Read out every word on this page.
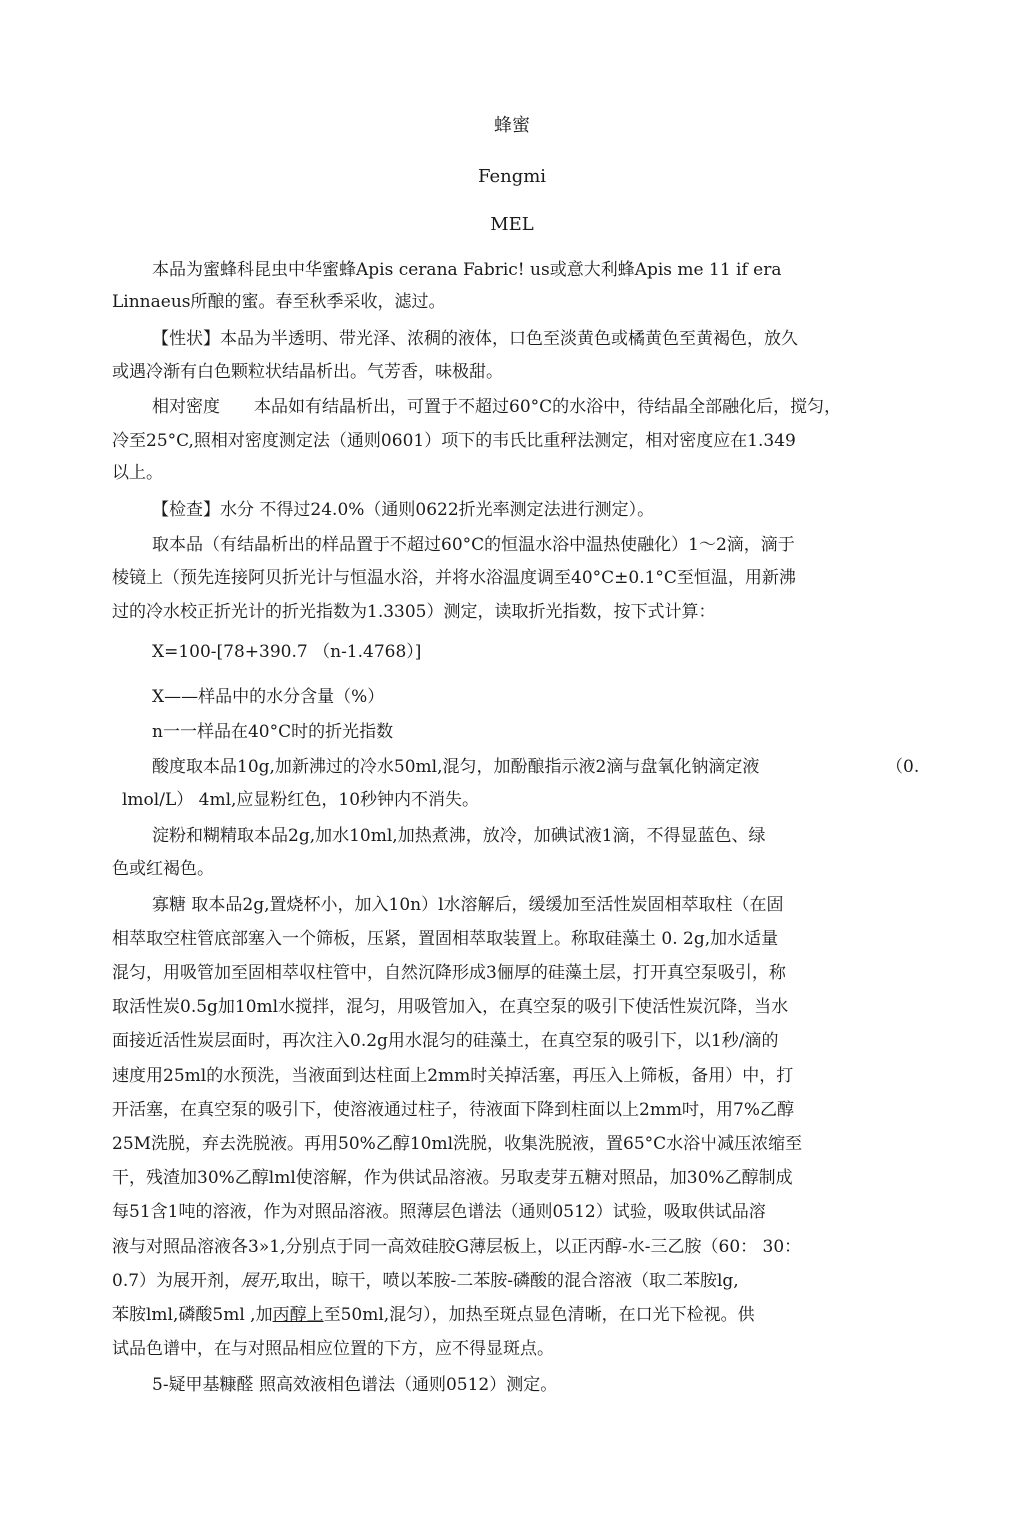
蜂蜜
Fengmi
MEL
本品为蜜蜂科昆虫中华蜜蜂Apis cerana Fabric! us或意大利蜂Apis me 11 if era
Linnaeus所酿的蜜。春至秋季采收，滤过。
【性状】本品为半透明、带光泽、浓稠的液体，口色至淡黄色或橘黄色至黄褐色，放久
或遇冷渐有白色颗粒状结晶析出。气芳香，味极甜。
相对密度　　本品如有结晶析出，可置于不超过60°C的水浴中，待结晶全部融化后，搅匀，
冷至25°C,照相对密度测定法（通则0601）项下的韦氏比重秤法测定，相对密度应在1.349
以上。
【检查】水分 不得过24.0%（通则0622折光率测定法进行测定）。
取本品（有结晶析出的样品置于不超过60°C的恒温水浴中温热使融化）1〜2滴，滴于
棱镜上（预先连接阿贝折光计与恒温水浴，并将水浴温度调至40°C±0.1°C至恒温，用新沸
过的冷水校正折光计的折光指数为1.3305）测定，读取折光指数，按下式计算：
X=100-[78+390.7 （n-1.4768）]
X——样品中的水分含量（%）
n一一样品在40°C时的折光指数
酸度取本品10g,加新沸过的冷水50ml,混匀，加酚酿指示液2滴与盘氧化钠滴定液	（0.
lmol/L） 4ml,应显粉红色，10秒钟内不消失。
淀粉和糊精取本品2g,加水10ml,加热煮沸，放冷，加碘试液1滴，不得显蓝色、绿
色或红褐色。
寡糖 取本品2g,置烧杯小，加入10n）l水溶解后，缓缓加至活性炭固相萃取柱（在固
相萃取空柱管底部塞入一个筛板，压紧，置固相萃取装置上。称取硅藻土 0. 2g,加水适量
混匀，用吸管加至固相萃収柱管中，自然沉降形成3俪厚的硅藻土层，打开真空泵吸引，称
取活性炭0.5g加10ml水搅拌，混匀，用吸管加入，在真空泵的吸引下使活性炭沉降，当水
面接近活性炭层面时，再次注入0.2g用水混匀的硅藻土，在真空泵的吸引下，以1秒/滴的
速度用25ml的水预洗，当液面到达柱面上2mm时关掉活塞，再压入上筛板，备用）中，打
开活塞，在真空泵的吸引下，使溶液通过柱子，待液面下降到柱面以上2mm吋，用7%乙醇
25M洗脱，弃去洗脱液。再用50%乙醇10ml洗脱，收集洗脱液，置65°C水浴屮减压浓缩至
干，残渣加30%乙醇lml使溶解，作为供试品溶液。另取麦芽五糖对照品，加30%乙醇制成
每51含1吨的溶液，作为对照品溶液。照薄层色谱法（通则0512）试验，吸取供试品溶
液与对照品溶液各3»1,分别点于同一高效硅胶G薄层板上，以正丙醇-水-三乙胺（60： 30：
0.7）为展开剂，展开,取出，晾干，喷以苯胺-二苯胺-磷酸的混合溶液（取二苯胺lg,
苯胺lml,磷酸5ml ,加丙醇上至50ml,混匀），加热至斑点显色清晰，在口光下检视。供
试品色谱中，在与对照品相应位置的下方，应不得显斑点。
5-疑甲基糠醛 照高效液相色谱法（通则0512）测定。
